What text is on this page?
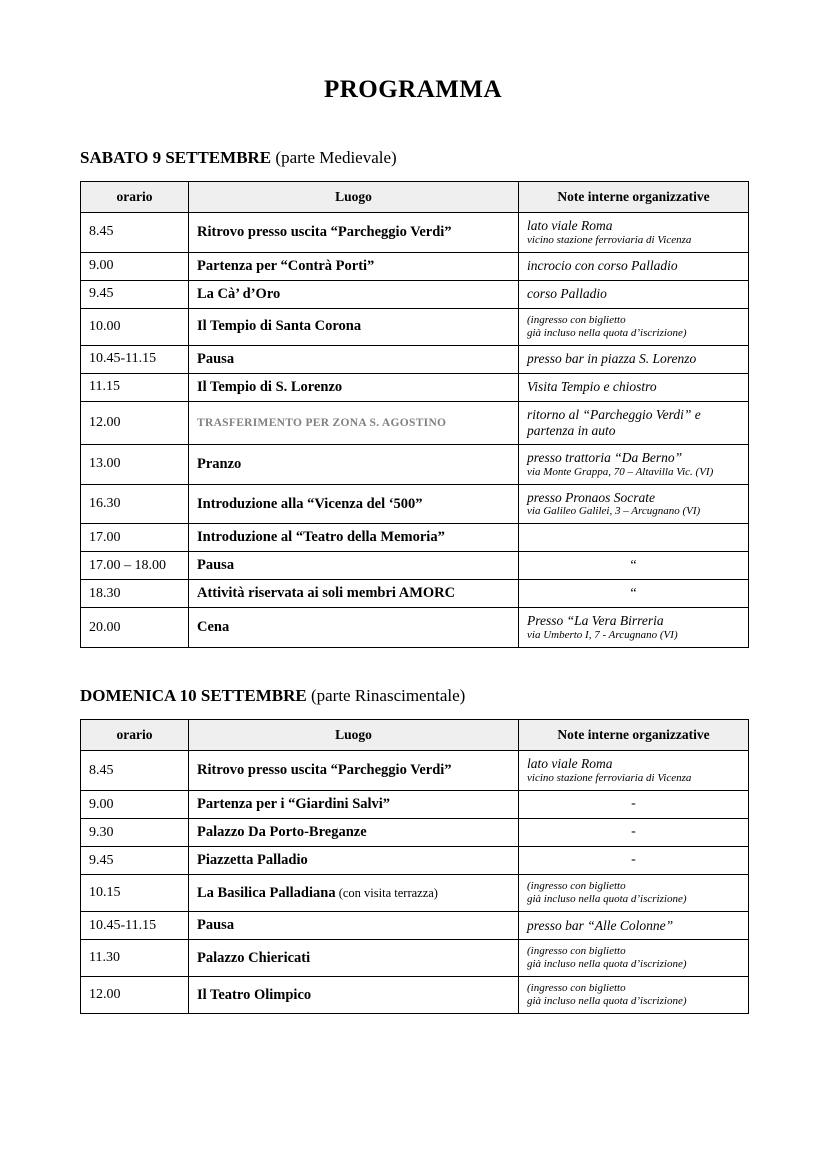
PROGRAMMA
SABATO 9 SETTEMBRE (parte Medievale)
orario	Luogo	Note interne organizzative
8.45	Ritrovo presso uscita “Parcheggio Verdi”	lato viale Roma
vicino stazione ferroviaria di Vicenza

9.00	Partenza per “Contrà Porti”	incrocio con corso Palladio

9.45	La Cà’ d’Oro	corso Palladio

10.00	Il Tempio di Santa Corona	(ingresso con biglietto
già incluso nella quota d’iscrizione)

10.45-11.15	Pausa	presso bar in piazza S. Lorenzo

11.15	Il Tempio di S. Lorenzo	Visita Tempio e chiostro

12.00	TRASFERIMENTO PER ZONA S. AGOSTINO	ritorno al “Parcheggio Verdi” e partenza in auto

13.00	Pranzo	presso trattoria “Da Berno”
via Monte Grappa, 70 – Altavilla Vic. (VI)

16.30	Introduzione alla “Vicenza del ‘500”	presso Pronaos Socrate
via Galileo Galilei, 3 – Arcugnano (VI)

17.00	Introduzione al “Teatro della Memoria”	
17.00 – 18.00	Pausa	“
18.30	Attività riservata ai soli membri AMORC	“
20.00	Cena	Presso “La Vera Birreria
via Umberto I, 7 - Arcugnano (VI)
DOMENICA 10 SETTEMBRE (parte Rinascimentale)
orario	Luogo	Note interne organizzative
8.45	Ritrovo presso uscita “Parcheggio Verdi”	lato viale Roma
vicino stazione ferroviaria di Vicenza

9.00	Partenza per i “Giardini Salvi”	-
9.30	Palazzo Da Porto-Breganze	-
9.45	Piazzetta Palladio	-
10.15	La Basilica Palladiana (con visita terrazza)	(ingresso con biglietto
già incluso nella quota d’iscrizione)

10.45-11.15	Pausa	presso bar “Alle Colonne”

11.30	Palazzo Chiericati	(ingresso con biglietto
già incluso nella quota d’iscrizione)

12.00	Il Teatro Olimpico	(ingresso con biglietto
già incluso nella quota d’iscrizione)
